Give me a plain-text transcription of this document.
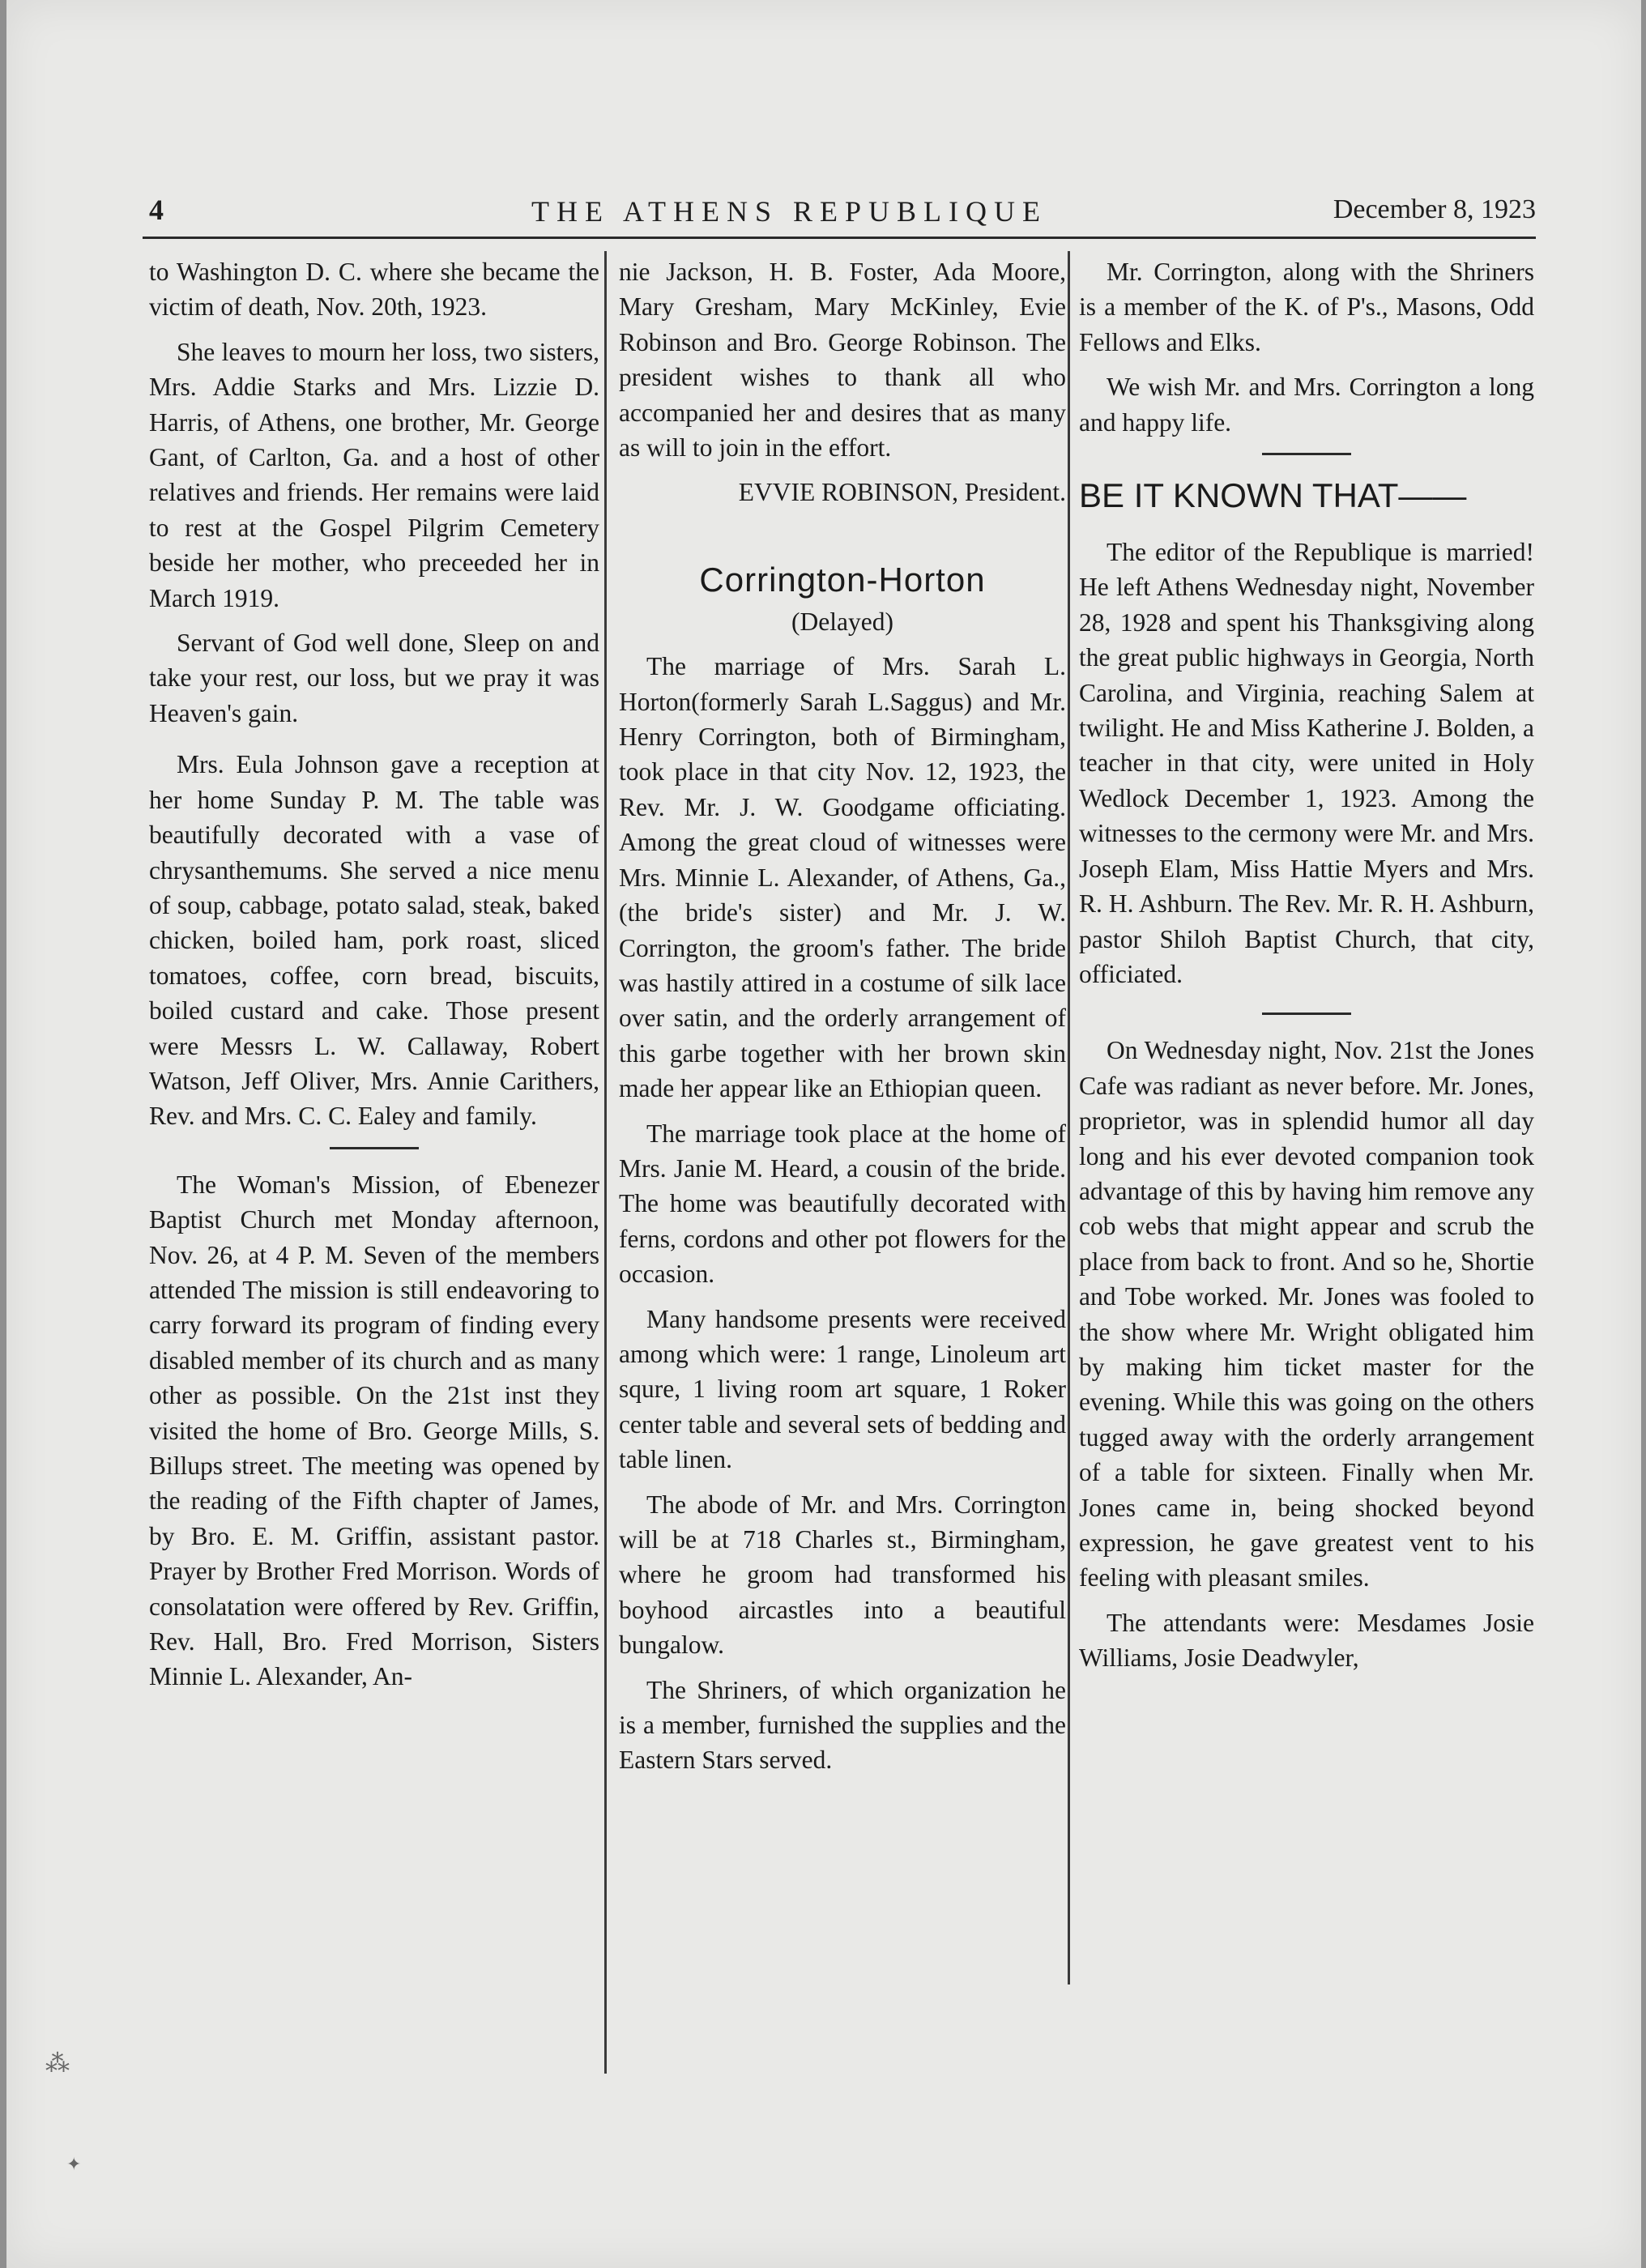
4	THE ATHENS REPUBLIQUE	December 8, 1923

to Washington D. C. where she became the victim of death, Nov. 20th, 1923.

She leaves to mourn her loss, two sisters, Mrs. Addie Starks and Mrs. Lizzie D. Harris, of Athens, one brother, Mr. George Gant, of Carlton, Ga. and a host of other relatives and friends. Her remains were laid to rest at the Gospel Pilgrim Cemetery beside her mother, who preceeded her in March 1919.

Servant of God well done, Sleep on and take your rest, our loss, but we pray it was Heaven's gain.

Mrs. Eula Johnson gave a reception at her home Sunday P. M. The table was beautifully decorated with a vase of chrysanthemums. She served a nice menu of soup, cabbage, potato salad, steak, baked chicken, boiled ham, pork roast, sliced tomatoes, coffee, corn bread, biscuits, boiled custard and cake. Those present were Messrs L. W. Callaway, Robert Watson, Jeff Oliver, Mrs. Annie Carithers, Rev. and Mrs. C. C. Ealey and family.

The Woman's Mission, of Ebenezer Baptist Church met Monday afternoon, Nov. 26, at 4 P. M. Seven of the members attended The mission is still endeavoring to carry forward its program of finding every disabled member of its church and as many other as possible. On the 21st inst they visited the home of Bro. George Mills, S. Billups street. The meeting was opened by the reading of the Fifth chapter of James, by Bro. E. M. Griffin, assistant pastor. Prayer by Brother Fred Morrison. Words of consolatation were offered by Rev. Griffin, Rev. Hall, Bro. Fred Morrison, Sisters Minnie L. Alexander, An-

nie Jackson, H. B. Foster, Ada Moore, Mary Gresham, Mary McKinley, Evie Robinson and Bro. George Robinson. The president wishes to thank all who accompanied her and desires that as many as will to join in the effort.

EVVIE ROBINSON, President.

Corrington-Horton

(Delayed)

The marriage of Mrs. Sarah L. Horton(formerly Sarah L.Saggus) and Mr. Henry Corrington, both of Birmingham, took place in that city Nov. 12, 1923, the Rev. Mr. J. W. Goodgame officiating. Among the great cloud of witnesses were Mrs. Minnie L. Alexander, of Athens, Ga., (the bride's sister) and Mr. J. W. Corrington, the groom's father. The bride was hastily attired in a costume of silk lace over satin, and the orderly arrangement of this garbe together with her brown skin made her appear like an Ethiopian queen.

The marriage took place at the home of Mrs. Janie M. Heard, a cousin of the bride. The home was beautifully decorated with ferns, cordons and other pot flowers for the occasion.

Many handsome presents were received among which were: 1 range, Linoleum art squre, 1 living room art square, 1 Roker center table and several sets of bedding and table linen.

The abode of Mr. and Mrs. Corrington will be at 718 Charles st., Birmingham, where he groom had transformed his boyhood aircastles into a beautiful bungalow.

The Shriners, of which organization he is a member, furnished the supplies and the Eastern Stars served.

Mr. Corrington, along with the Shriners is a member of the K. of P's., Masons, Odd Fellows and Elks.

We wish Mr. and Mrs. Corrington a long and happy life.

BE IT KNOWN THAT——

The editor of the Republique is married! He left Athens Wednesday night, November 28, 1928 and spent his Thanksgiving along the great public highways in Georgia, North Carolina, and Virginia, reaching Salem at twilight. He and Miss Katherine J. Bolden, a teacher in that city, were united in Holy Wedlock December 1, 1923. Among the witnesses to the cermony were Mr. and Mrs. Joseph Elam, Miss Hattie Myers and Mrs. R. H. Ashburn. The Rev. Mr. R. H. Ashburn, pastor Shiloh Baptist Church, that city, officiated.

On Wednesday night, Nov. 21st the Jones Cafe was radiant as never before. Mr. Jones, proprietor, was in splendid humor all day long and his ever devoted companion took advantage of this by having him remove any cob webs that might appear and scrub the place from back to front. And so he, Shortie and Tobe worked. Mr. Jones was fooled to the show where Mr. Wright obligated him by making him ticket master for the evening. While this was going on the others tugged away with the orderly arrangement of a table for sixteen. Finally when Mr. Jones came in, being shocked beyond expression, he gave greatest vent to his feeling with pleasant smiles.

The attendants were: Mesdames Josie Williams, Josie Deadwyler,

⁂
✦
